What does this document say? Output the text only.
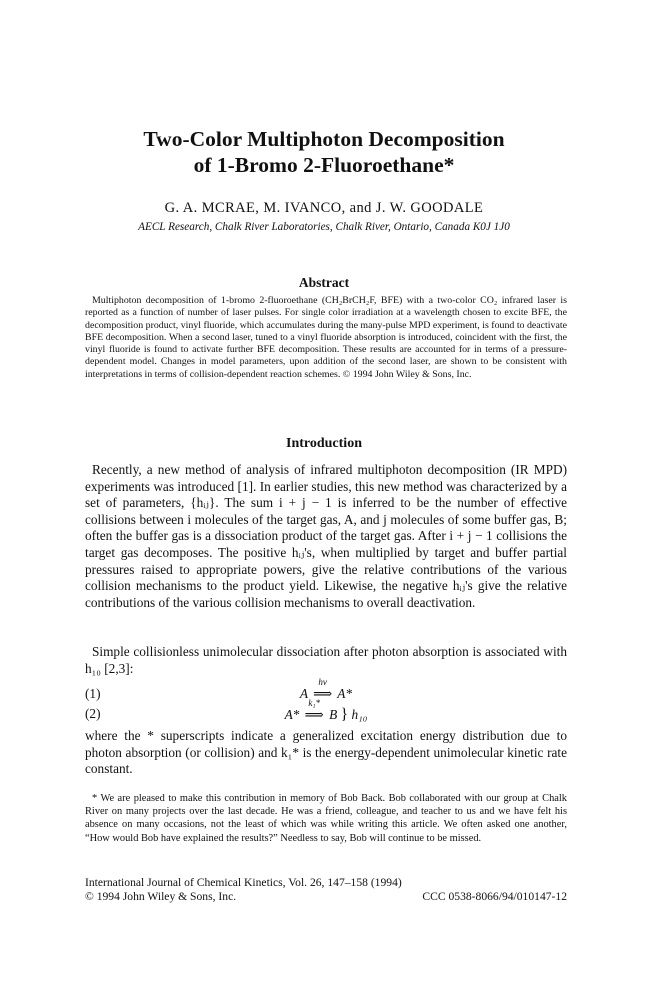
Two-Color Multiphoton Decomposition
of 1-Bromo 2-Fluoroethane*
G. A. MCRAE, M. IVANCO, and J. W. GOODALE
AECL Research, Chalk River Laboratories, Chalk River, Ontario, Canada K0J 1J0
Abstract

Multiphoton decomposition of 1-bromo 2-fluoroethane (CH₂BrCH₂F, BFE) with a two-color CO₂ infrared laser is reported as a function of number of laser pulses. For single color irradiation at a wavelength chosen to excite BFE, the decomposition product, vinyl fluoride, which accumulates during the many-pulse MPD experiment, is found to deactivate BFE decomposition. When a second laser, tuned to a vinyl fluoride absorption is introduced, coincident with the first, the vinyl fluoride is found to activate further BFE decomposition. These results are accounted for in terms of a pressure-dependent model. Changes in model parameters, upon addition of the second laser, are shown to be consistent with interpretations in terms of collision-dependent reaction schemes. © 1994 John Wiley & Sons, Inc.

Introduction

Recently, a new method of analysis of infrared multiphoton decomposition (IR MPD) experiments was introduced [1]. In earlier studies, this new method was characterized by a set of parameters, {hᵢⱼ}. The sum i + j − 1 is inferred to be the number of effective collisions between i molecules of the target gas, A, and j molecules of some buffer gas, B; often the buffer gas is a dissociation product of the target gas. After i + j − 1 collisions the target gas decomposes. The positive hᵢⱼ's, when multiplied by target and buffer partial pressures raised to appropriate powers, give the relative contributions of the various collision mechanisms to the product yield. Likewise, the negative hᵢⱼ's give the relative contributions of the various collision mechanisms to overall deactivation.

Simple collisionless unimolecular dissociation after photon absorption is associated with h₁₀ [2,3]:

(1)	A
hν
⟹ A*
(2)	A*
k₁*
⟹ B } h₁₀

where the * superscripts indicate a generalized excitation energy distribution due to photon absorption (or collision) and k₁* is the energy-dependent unimolecular kinetic rate constant.

* We are pleased to make this contribution in memory of Bob Back. Bob collaborated with our group at Chalk River on many projects over the last decade. He was a friend, colleague, and teacher to us and we have felt his absence on many occasions, not the least of which was while writing this article. We often asked one another, “How would Bob have explained the results?” Needless to say, Bob will continue to be missed.

International Journal of Chemical Kinetics, Vol. 26, 147–158 (1994)
© 1994 John Wiley & Sons, Inc.	CCC 0538-8066/94/010147-12
